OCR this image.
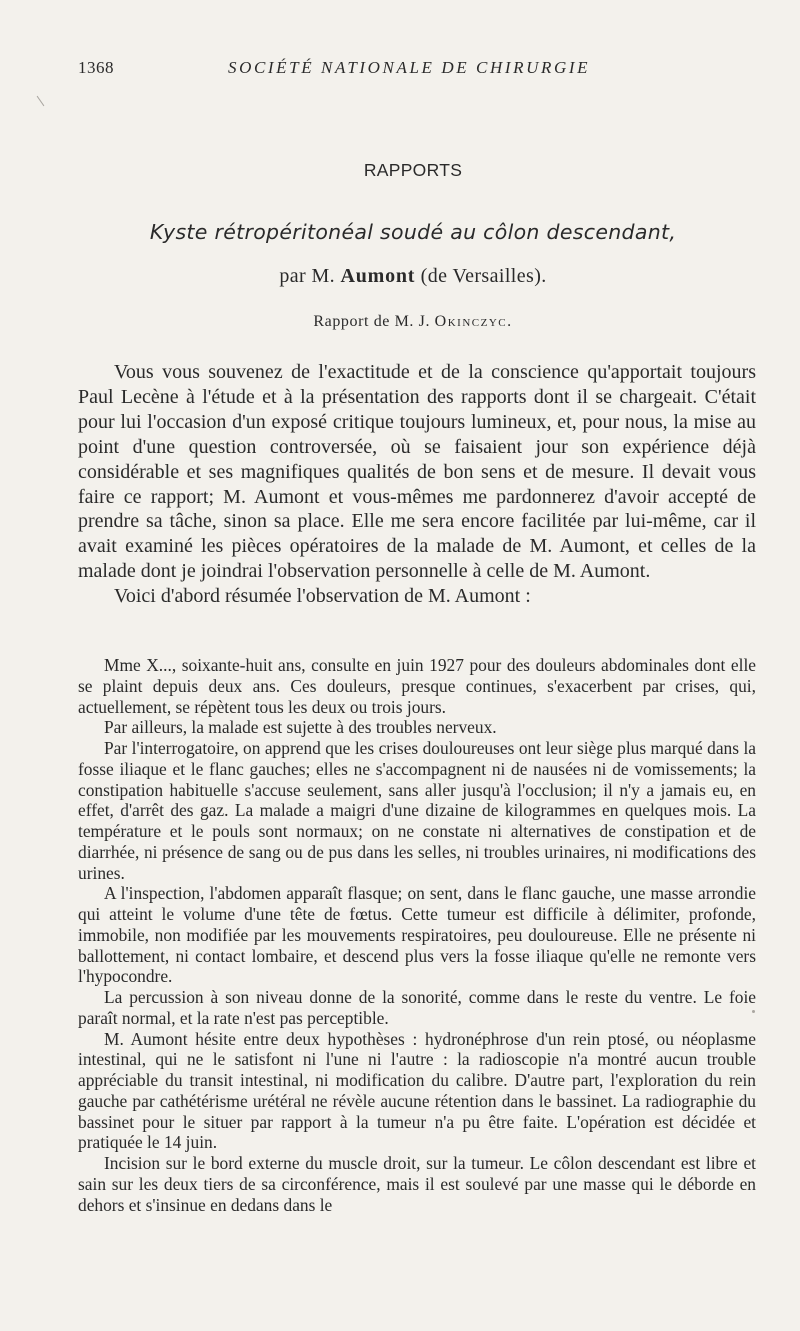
1368	SOCIÉTÉ NATIONALE DE CHIRURGIE
RAPPORTS
Kyste rétropéritonéal soudé au côlon descendant,
par M. Aumont (de Versailles).
Rapport de M. J. Okinczyc.

Vous vous souvenez de l'exactitude et de la conscience qu'apportait toujours Paul Lecène à l'étude et à la présentation des rapports dont il se chargeait. C'était pour lui l'occasion d'un exposé critique toujours lumineux, et, pour nous, la mise au point d'une question controversée, où se faisaient jour son expérience déjà considérable et ses magnifiques qualités de bon sens et de mesure. Il devait vous faire ce rapport; M. Aumont et vous-mêmes me pardonnerez d'avoir accepté de prendre sa tâche, sinon sa place. Elle me sera encore facilitée par lui-même, car il avait examiné les pièces opératoires de la malade de M. Aumont, et celles de la malade dont je joindrai l'observation personnelle à celle de M. Aumont.

Voici d'abord résumée l'observation de M. Aumont :

Mme X..., soixante-huit ans, consulte en juin 1927 pour des douleurs abdominales dont elle se plaint depuis deux ans. Ces douleurs, presque continues, s'exacerbent par crises, qui, actuellement, se répètent tous les deux ou trois jours.

Par ailleurs, la malade est sujette à des troubles nerveux.

Par l'interrogatoire, on apprend que les crises douloureuses ont leur siège plus marqué dans la fosse iliaque et le flanc gauches; elles ne s'accompagnent ni de nausées ni de vomissements; la constipation habituelle s'accuse seulement, sans aller jusqu'à l'occlusion; il n'y a jamais eu, en effet, d'arrêt des gaz. La malade a maigri d'une dizaine de kilogrammes en quelques mois. La température et le pouls sont normaux; on ne constate ni alternatives de constipation et de diarrhée, ni présence de sang ou de pus dans les selles, ni troubles urinaires, ni modifications des urines.

A l'inspection, l'abdomen apparaît flasque; on sent, dans le flanc gauche, une masse arrondie qui atteint le volume d'une tête de fœtus. Cette tumeur est difficile à délimiter, profonde, immobile, non modifiée par les mouvements respiratoires, peu douloureuse. Elle ne présente ni ballottement, ni contact lombaire, et descend plus vers la fosse iliaque qu'elle ne remonte vers l'hypocondre.

La percussion à son niveau donne de la sonorité, comme dans le reste du ventre. Le foie paraît normal, et la rate n'est pas perceptible.

M. Aumont hésite entre deux hypothèses : hydronéphrose d'un rein ptosé, ou néoplasme intestinal, qui ne le satisfont ni l'une ni l'autre : la radioscopie n'a montré aucun trouble appréciable du transit intestinal, ni modification du calibre. D'autre part, l'exploration du rein gauche par cathétérisme urétéral ne révèle aucune rétention dans le bassinet. La radiographie du bassinet pour le situer par rapport à la tumeur n'a pu être faite. L'opération est décidée et pratiquée le 14 juin.

Incision sur le bord externe du muscle droit, sur la tumeur. Le côlon descendant est libre et sain sur les deux tiers de sa circonférence, mais il est soulevé par une masse qui le déborde en dehors et s'insinue en dedans dans le
